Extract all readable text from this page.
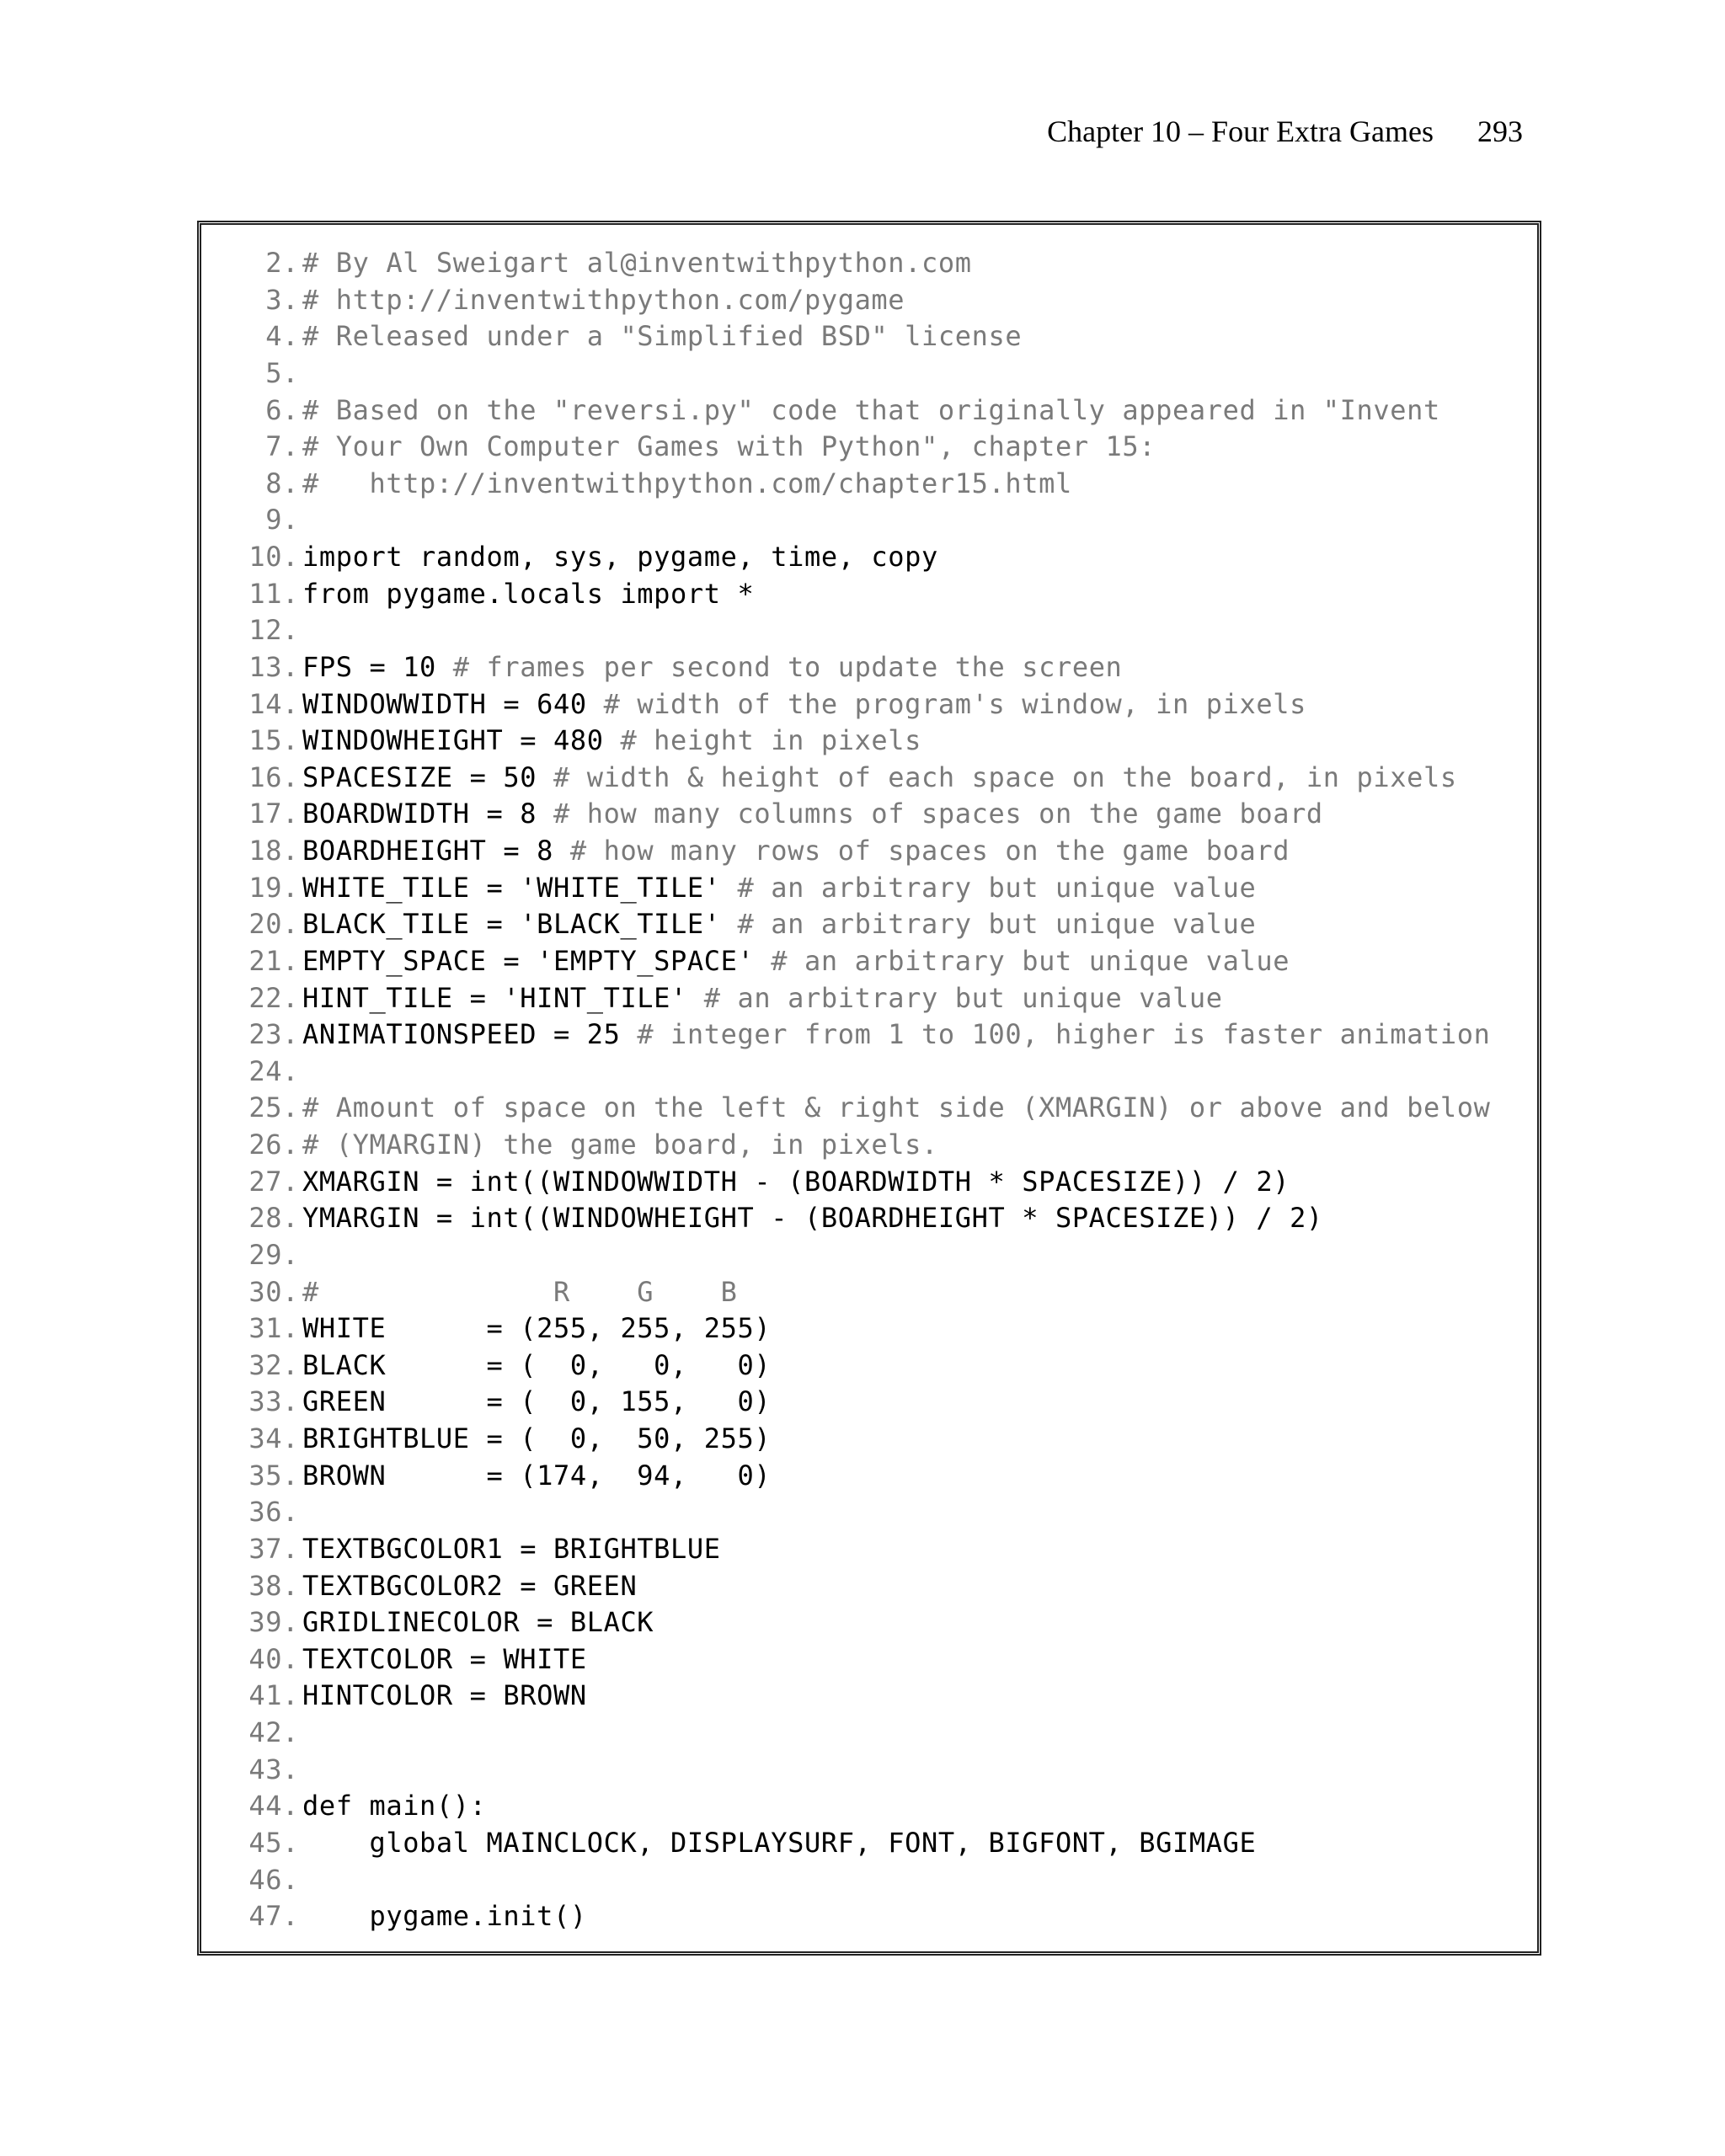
Chapter 10 – Four Extra Games 293
2. # By Al Sweigart al@inventwithpython.com
3. # http://inventwithpython.com/pygame
4. # Released under a "Simplified BSD" license
5.
6. # Based on the "reversi.py" code that originally appeared in "Invent
7. # Your Own Computer Games with Python", chapter 15:
8. #   http://inventwithpython.com/chapter15.html
9.
10. import random, sys, pygame, time, copy
11. from pygame.locals import *
12.
13. FPS = 10 # frames per second to update the screen
14. WINDOWWIDTH = 640 # width of the program's window, in pixels
15. WINDOWHEIGHT = 480 # height in pixels
16. SPACESIZE = 50 # width & height of each space on the board, in pixels
17. BOARDWIDTH = 8 # how many columns of spaces on the game board
18. BOARDHEIGHT = 8 # how many rows of spaces on the game board
19. WHITE_TILE = 'WHITE_TILE' # an arbitrary but unique value
20. BLACK_TILE = 'BLACK_TILE' # an arbitrary but unique value
21. EMPTY_SPACE = 'EMPTY_SPACE' # an arbitrary but unique value
22. HINT_TILE = 'HINT_TILE' # an arbitrary but unique value
23. ANIMATIONSPEED = 25 # integer from 1 to 100, higher is faster animation
24.
25. # Amount of space on the left & right side (XMARGIN) or above and below
26. # (YMARGIN) the game board, in pixels.
27. XMARGIN = int((WINDOWWIDTH - (BOARDWIDTH * SPACESIZE)) / 2)
28. YMARGIN = int((WINDOWHEIGHT - (BOARDHEIGHT * SPACESIZE)) / 2)
29.
30. #              R    G    B
31. WHITE      = (255, 255, 255)
32. BLACK      = (  0,   0,   0)
33. GREEN      = (  0, 155,   0)
34. BRIGHTBLUE = (  0,  50, 255)
35. BROWN      = (174,  94,   0)
36.
37. TEXTBGCOLOR1 = BRIGHTBLUE
38. TEXTBGCOLOR2 = GREEN
39. GRIDLINECOLOR = BLACK
40. TEXTCOLOR = WHITE
41. HINTCOLOR = BROWN
42.
43.
44. def main():
45. global MAINCLOCK, DISPLAYSURF, FONT, BIGFONT, BGIMAGE
46.
47. pygame.init()
